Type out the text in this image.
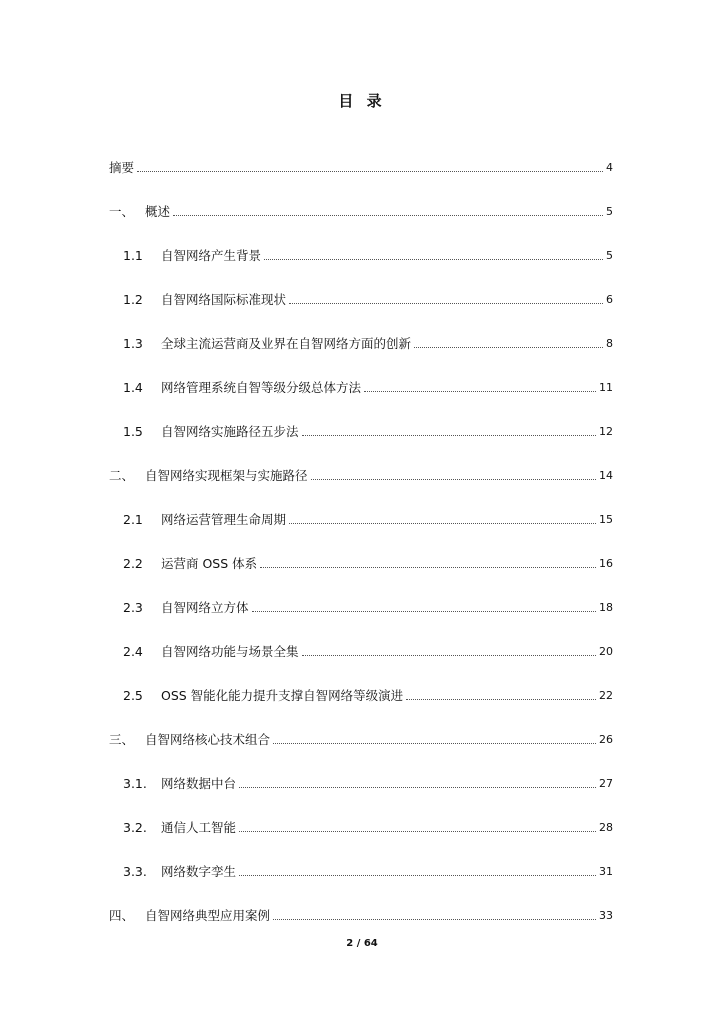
目 录
摘要	4
一、 概述	5
1.1	自智网络产生背景	5
1.2	自智网络国际标准现状	6
1.3	全球主流运营商及业界在自智网络方面的创新	8
1.4	网络管理系统自智等级分级总体方法	11
1.5	自智网络实施路径五步法	12
二、 自智网络实现框架与实施路径	14
2.1	网络运营管理生命周期	15
2.2	运营商 OSS 体系	16
2.3	自智网络立方体	18
2.4	自智网络功能与场景全集	20
2.5	OSS 智能化能力提升支撑自智网络等级演进	22
三、 自智网络核心技术组合	26
3.1.	网络数据中台	27
3.2.	通信人工智能	28
3.3.	网络数字孪生	31
四、 自智网络典型应用案例	33
2 / 64
